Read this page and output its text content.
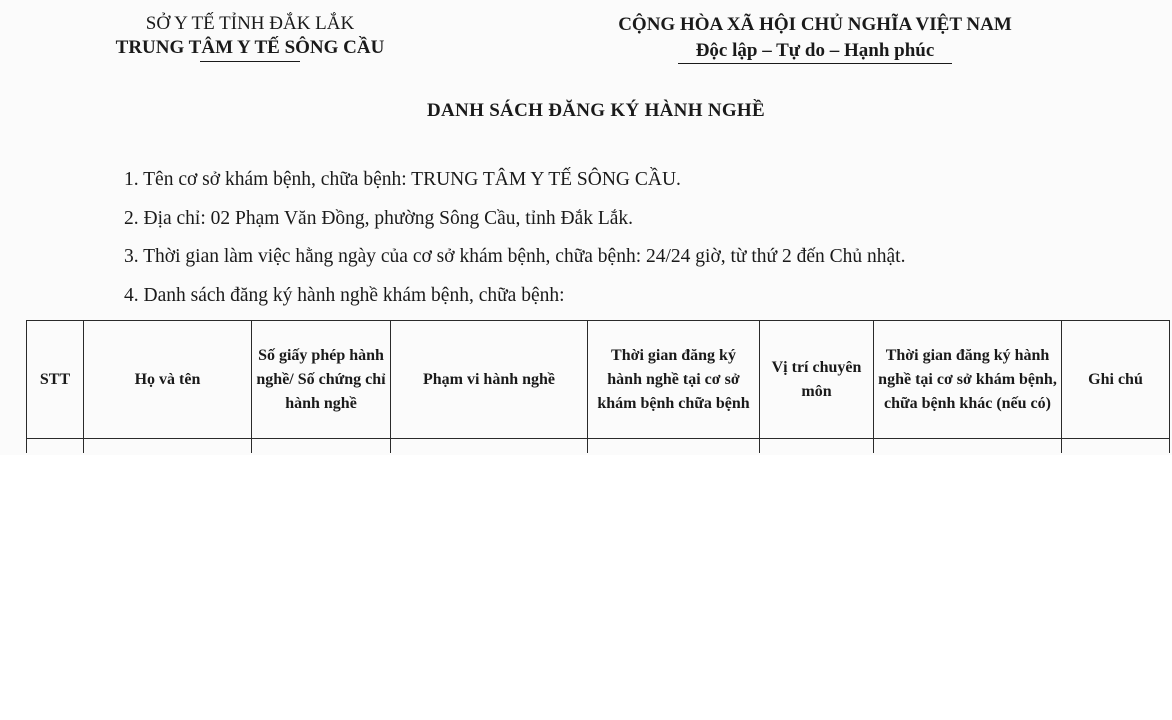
SỞ Y TẾ TỈNH ĐẮK LẮK
TRUNG TÂM Y TẾ SÔNG CẦU
CỘNG HÒA XÃ HỘI CHỦ NGHĨA VIỆT NAM
Độc lập – Tự do – Hạnh phúc
DANH SÁCH ĐĂNG KÝ HÀNH NGHỀ
1. Tên cơ sở khám bệnh, chữa bệnh: TRUNG TÂM Y TẾ SÔNG CẦU.
2. Địa chỉ: 02 Phạm Văn Đồng, phường Sông Cầu, tỉnh Đắk Lắk.
3. Thời gian làm việc hằng ngày của cơ sở khám bệnh, chữa bệnh: 24/24 giờ, từ thứ 2 đến Chủ nhật.
4. Danh sách đăng ký hành nghề khám bệnh, chữa bệnh:
STT	Họ và tên	Số giấy phép hành nghề/ Số chứng chỉ hành nghề	Phạm vi hành nghề	Thời gian đăng ký hành nghề tại cơ sở khám bệnh chữa bệnh	Vị trí chuyên môn	Thời gian đăng ký hành nghề tại cơ sở khám bệnh, chữa bệnh khác (nếu có)	Ghi chú
